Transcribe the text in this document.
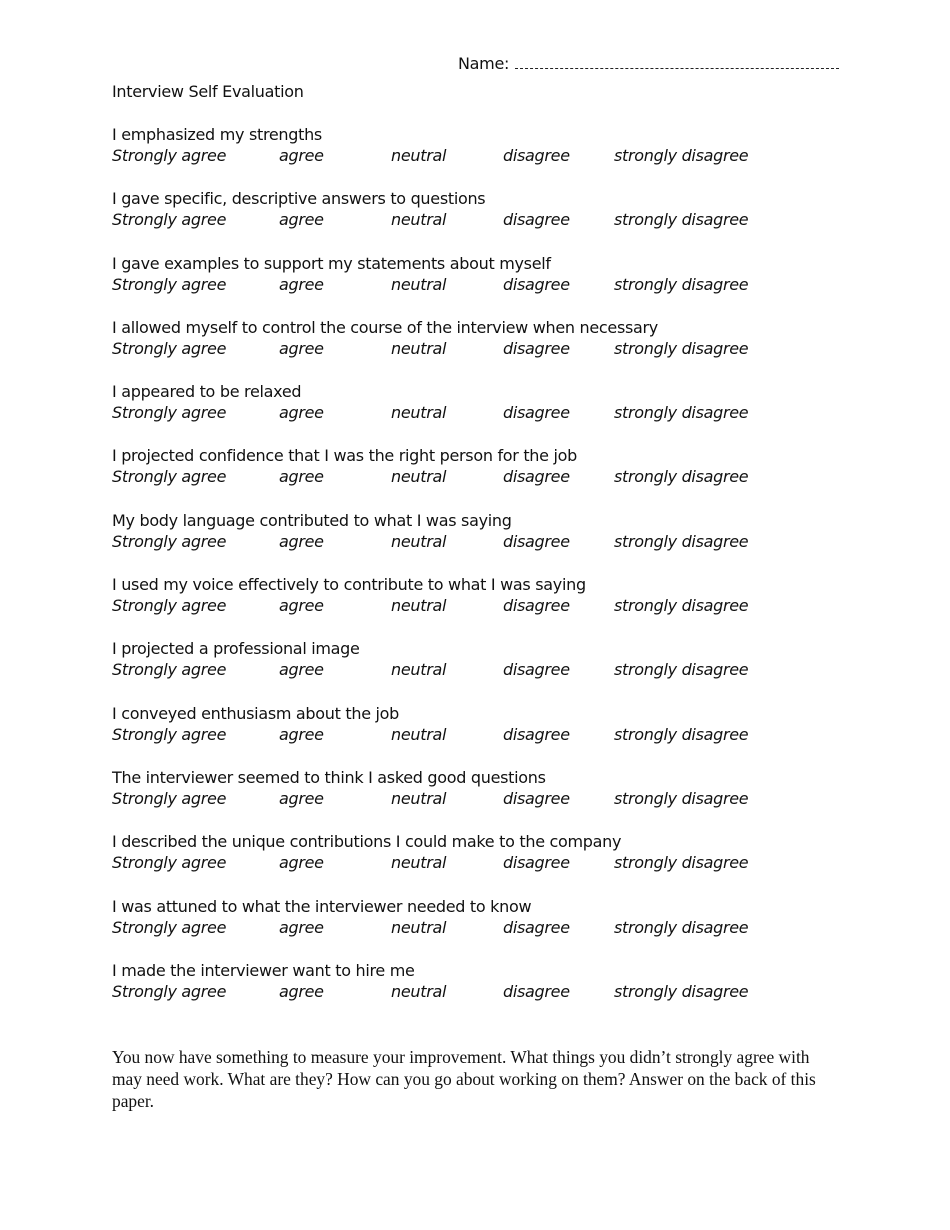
Name:
Interview Self Evaluation
I emphasized my strengths
Strongly agree	agree	neutral	disagree	strongly disagree
I gave specific, descriptive answers to questions
Strongly agree	agree	neutral	disagree	strongly disagree
I gave examples to support my statements about myself
Strongly agree	agree	neutral	disagree	strongly disagree
I allowed myself to control the course of the interview when necessary
Strongly agree	agree	neutral	disagree	strongly disagree
I appeared to be relaxed
Strongly agree	agree	neutral	disagree	strongly disagree
I projected confidence that I was the right person for the job
Strongly agree	agree	neutral	disagree	strongly disagree
My body language contributed to what I was saying
Strongly agree	agree	neutral	disagree	strongly disagree
I used my voice effectively to contribute to what I was saying
Strongly agree	agree	neutral	disagree	strongly disagree
I projected a professional image
Strongly agree	agree	neutral	disagree	strongly disagree
I conveyed enthusiasm about the job
Strongly agree	agree	neutral	disagree	strongly disagree
The interviewer seemed to think I asked good questions
Strongly agree	agree	neutral	disagree	strongly disagree
I described the unique contributions I could make to the company
Strongly agree	agree	neutral	disagree	strongly disagree
I was attuned to what the interviewer needed to know
Strongly agree	agree	neutral	disagree	strongly disagree
I made the interviewer want to hire me
Strongly agree	agree	neutral	disagree	strongly disagree
You now have something to measure your improvement. What things you didn’t strongly agree with may need work. What are they? How can you go about working on them? Answer on the back of this paper.
